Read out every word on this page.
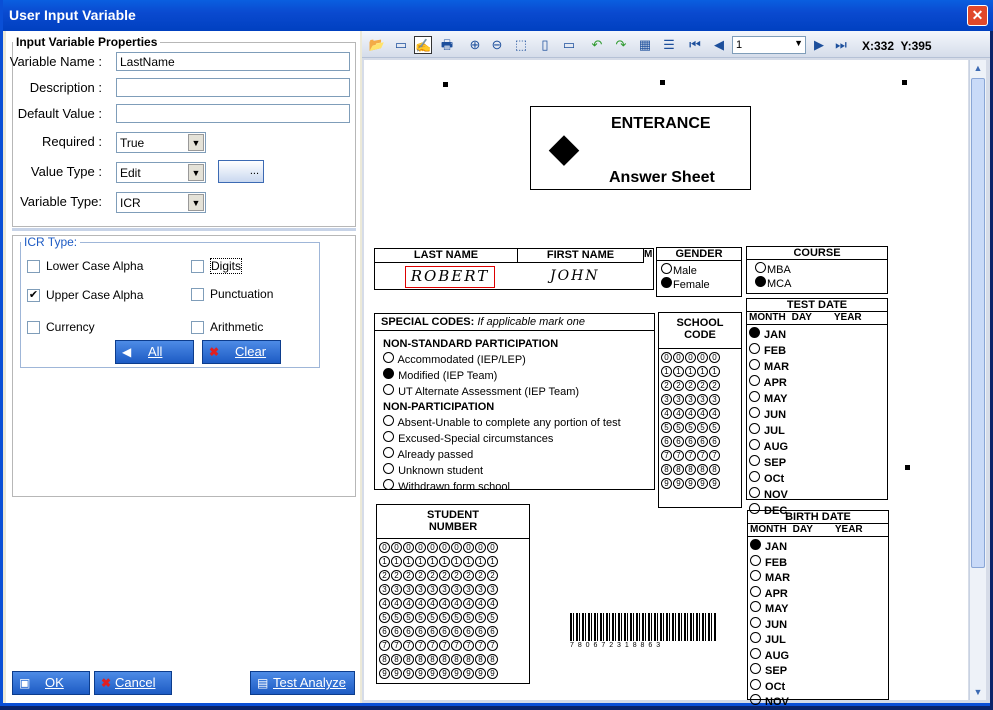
User Input Variable	✕
Input Variable Properties
Variable Name :	LastName
Description :
Default Value :
Required :	True	▼
Value Type :	Edit	▼	...
Variable Type:	ICR	▼
ICR Type:
Lower Case Alpha	Digits
✔ Upper Case Alpha	Punctuation
Currency	Arithmetic
◀	All	✖	Clear
▣ OK	✖ Cancel	▤ Test Analyze
📂 ▭ ✍ 🖶 ⊕ ⊖ ⬚	▯	▭ ↶ ↷ ▦ ☰ ⏮	◀	1	▼ ▶ ⏭ X:332  Y:395
◆
ENTERANCE
Answer Sheet
LAST NAME	FIRST NAME	M
ROBERT	JOHN
GENDER
Male
Female
COURSE
MBA
MCA
SPECIAL CODES: If applicable mark one
NON-STANDARD PARTICIPATION
Accommodated (IEP/LEP)
Modified (IEP Team)
UT Alternate Assessment (IEP Team)
NON-PARTICIPATION
Absent-Unable to complete any portion of test
Excused-Special circumstances
Already passed
Unknown student
Withdrawn form school
SCHOOL CODE
0 0 0 0 0
1 1 1 1 1
2 2 2 2 2
3 3 3 3 3
4 4 4 4 4
5 5 5 5 5
6 6 6 6 6
7 7 7 7 7
8 8 8 8 8
9 9 9 9 9
TEST DATE
MONTH DAY YEAR
JAN
FEB
MAR
APR
MAY
JUN
JUL
AUG
SEP
OCt
NOV
DEC
STUDENT NUMBER
0 0 0 0 0 0 0 0 0 0
1 1 1 1 1 1 1 1 1 1
2 2 2 2 2 2 2 2 2 2
3 3 3 3 3 3 3 3 3 3
4 4 4 4 4 4 4 4 4 4
5 5 5 5 5 5 5 5 5 5
6 6 6 6 6 6 6 6 6 6
7 7 7 7 7 7 7 7 7 7
8 8 8 8 8 8 8 8 8 8
9 9 9 9 9 9 9 9 9 9
7 8 0 6 7 2 3 1 8 8 6 3
BIRTH DATE
MONTH DAY YEAR
JAN
FEB
MAR
APR
MAY
JUN
JUL
AUG
SEP
OCt
NOV
▲
▼
